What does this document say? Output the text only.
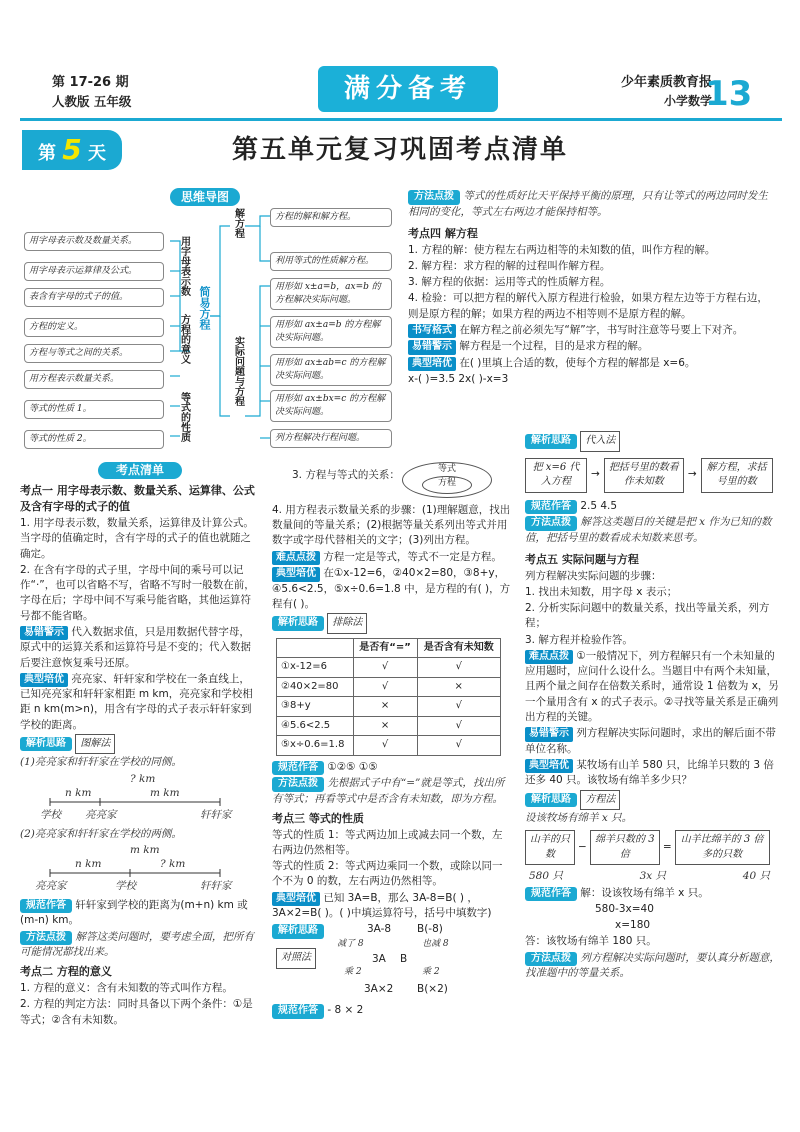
第 17-26 期
人教版 五年级	满分备考	少年素质教育报
小学数学
13
第 5 天	第五单元复习巩固考点清单
思维导图
用字母表示数及数量关系。
用字母表示运算律及公式。
表含有字母的式子的值。
方程的定义。
方程与等式之间的关系。
用方程表示数量关系。
等式的性质 1。
等式的性质 2。
用字母表示数
方程的意义
等式的性质
简易方程
解方程
实际问题与方程
方程的解和解方程。
利用等式的性质解方程。
用形如 x±a=b，ax=b 的方程解决实际问题。
用形如 ax±a=b 的方程解决实际问题。
用形如 ax±ab=c 的方程解决实际问题。
用形如 ax±bx=c 的方程解决实际问题。
列方程解决行程问题。
考点清单

考点一 用字母表示数、数量关系、运算律、公式及含有字母的式子的值

1. 用字母表示数，数量关系，运算律及计算公式。当字母的值确定时，含有字母的式子的值也就随之确定。

2. 在含有字母的式子里，字母中间的乘号可以记作“·”，也可以省略不写，省略不写时一般数在前，字母在后；字母中间不写乘号能省略，其他运算符号都不能省略。

易错警示 代入数据求值，只是用数据代替字母，原式中的运算关系和运算符号是不变的；代入数据后要注意恢复乘号还原。

典型培优 亮亮家、轩轩家和学校在一条直线上，已知亮亮家和轩轩家相距 m km，亮亮家和学校相距 n km(m>n)，用含有字母的式子表示轩轩家到学校的距离。

解析思路 图解法

(1)亮亮家和轩轩家在学校的同侧。

? km
n km	m km
学校 亮亮家	轩轩家

(2)亮亮家和轩轩家在学校的两侧。

m km
n km	? km
亮亮家	学校	轩轩家

规范作答 轩轩家到学校的距离为(m+n) km 或(m-n) km。

方法点拨 解答这类问题时，要考虑全面，把所有可能情况都找出来。

考点二 方程的意义

1. 方程的意义：含有未知数的等式叫作方程。

2. 方程的判定方法：同时具备以下两个条件：①是等式；②含有未知数。

3. 方程与等式的关系：	等式
方程

4. 用方程表示数量关系的步骤：(1)理解题意，找出数量间的等量关系；(2)根据等量关系列出等式并用数字或字母代替相关的文字；(3)列出方程。

难点点拨 方程一定是等式，等式不一定是方程。

典型培优 在①x-12=6，②40×2=80，③8+y，④5.6<2.5，⑤x÷0.6=1.8 中，是方程的有( )，方程有( )。

解析思路 排除法

	是否有“=”	是否含有未知数
①x-12=6	√	√
②40×2=80	√	×
③8+y	×	√
④5.6<2.5	×	√
⑤x÷0.6=1.8	√	√

规范作答 ①②⑤ ①⑤

方法点拨 先根据式子中有“=”就是等式，找出所有等式；再看等式中是否含有未知数，即为方程。

考点三 等式的性质

等式的性质 1：等式两边加上或减去同一个数，左右两边仍然相等。

等式的性质 2：等式两边乘同一个数，或除以同一个不为 0 的数，左右两边仍然相等。

典型培优 已知 3A=B，那么 3A-8=B( ) ，3A×2=B( )。( )中填运算符号，括号中填数字)

解析思路
对照法
3A-8 B(-8)
减了 8	也减 8
3A B
乘 2	乘 2
3A×2 B(×2)

规范作答 - 8 × 2

方法点拨 等式的性质好比天平保持平衡的原理，只有让等式的两边同时发生相同的变化，等式左右两边才能保持相等。

考点四 解方程

1. 方程的解：使方程左右两边相等的未知数的值，叫作方程的解。

2. 解方程：求方程的解的过程叫作解方程。

3. 解方程的依据：运用等式的性质解方程。

4. 检验：可以把方程的解代入原方程进行检验，如果方程左边等于方程右边，则是原方程的解；如果方程的两边不相等则不是原方程的解。

书写格式 在解方程之前必须先写“解”字，书写时注意等号要上下对齐。

易错警示 解方程是一个过程，目的是求方程的解。

典型培优 在( )里填上合适的数，使每个方程的解都是 x=6。

x-( )=3.5 2x( )-x=3

解析思路 代入法

把 x=6 代入方程
→
把括号里的数看作未知数
→
解方程，求括号里的数

规范作答 2.5 4.5

方法点拨 解答这类题目的关键是把 x 作为已知的数值，把括号里的数看成未知数来思考。

考点五 实际问题与方程

列方程解决实际问题的步骤：

1. 找出未知数，用字母 x 表示；

2. 分析实际问题中的数量关系，找出等量关系，列方程；

3. 解方程并检验作答。

难点点拨 ①一般情况下，列方程解只有一个未知量的应用题时，应问什么设什么。当题目中有两个未知量，且两个量之间存在倍数关系时，通常设 1 倍数为 x，另一个量用含有 x 的式子表示。②寻找等量关系是正确列出方程的关键。

易错警示 列方程解决实际问题时，求出的解后面不带单位名称。

典型培优 某牧场有山羊 580 只，比绵羊只数的 3 倍还多 40 只。该牧场有绵羊多少只？

解析思路 方程法

设该牧场有绵羊 x 只。

山羊的只数
−
绵羊只数的 3 倍
=
山羊比绵羊的 3 倍多的只数
580 只	3x 只	40 只

规范作答 解：设该牧场有绵羊 x 只。

580-3x=40

x=180

答：该牧场有绵羊 180 只。

方法点拨 列方程解决实际问题时，要认真分析题意，找准题中的等量关系。
